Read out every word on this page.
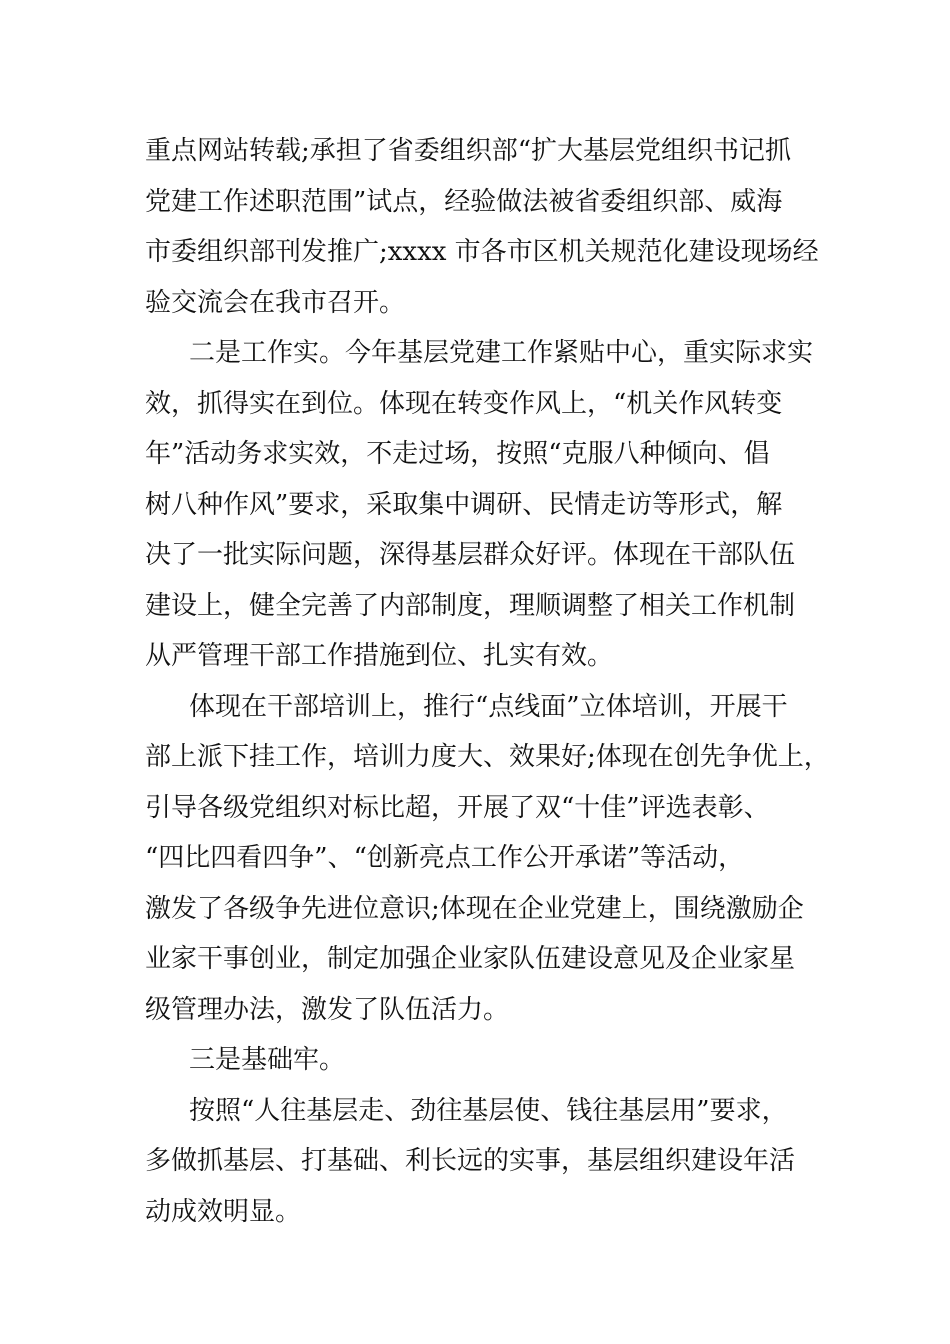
重点网站转载;承担了省委组织部“扩大基层党组织书记抓

党建工作述职范围”试点，经验做法被省委组织部、威海

市委组织部刊发推广;xxxx 市各市区机关规范化建设现场经

验交流会在我市召开。

二是工作实。今年基层党建工作紧贴中心，重实际求实

效，抓得实在到位。体现在转变作风上，“机关作风转变

年”活动务求实效，不走过场，按照“克服八种倾向、倡

树八种作风”要求，采取集中调研、民情走访等形式，解

决了一批实际问题，深得基层群众好评。体现在干部队伍

建设上，健全完善了内部制度，理顺调整了相关工作机制

从严管理干部工作措施到位、扎实有效。

体现在干部培训上，推行“点线面”立体培训，开展干

部上派下挂工作，培训力度大、效果好;体现在创先争优上，

引导各级党组织对标比超，开展了双“十佳”评选表彰、

“四比四看四争”、“创新亮点工作公开承诺”等活动，

激发了各级争先进位意识;体现在企业党建上，围绕激励企

业家干事创业，制定加强企业家队伍建设意见及企业家星

级管理办法，激发了队伍活力。

三是基础牢。

按照“人往基层走、劲往基层使、钱往基层用”要求，

多做抓基层、打基础、利长远的实事，基层组织建设年活

动成效明显。
